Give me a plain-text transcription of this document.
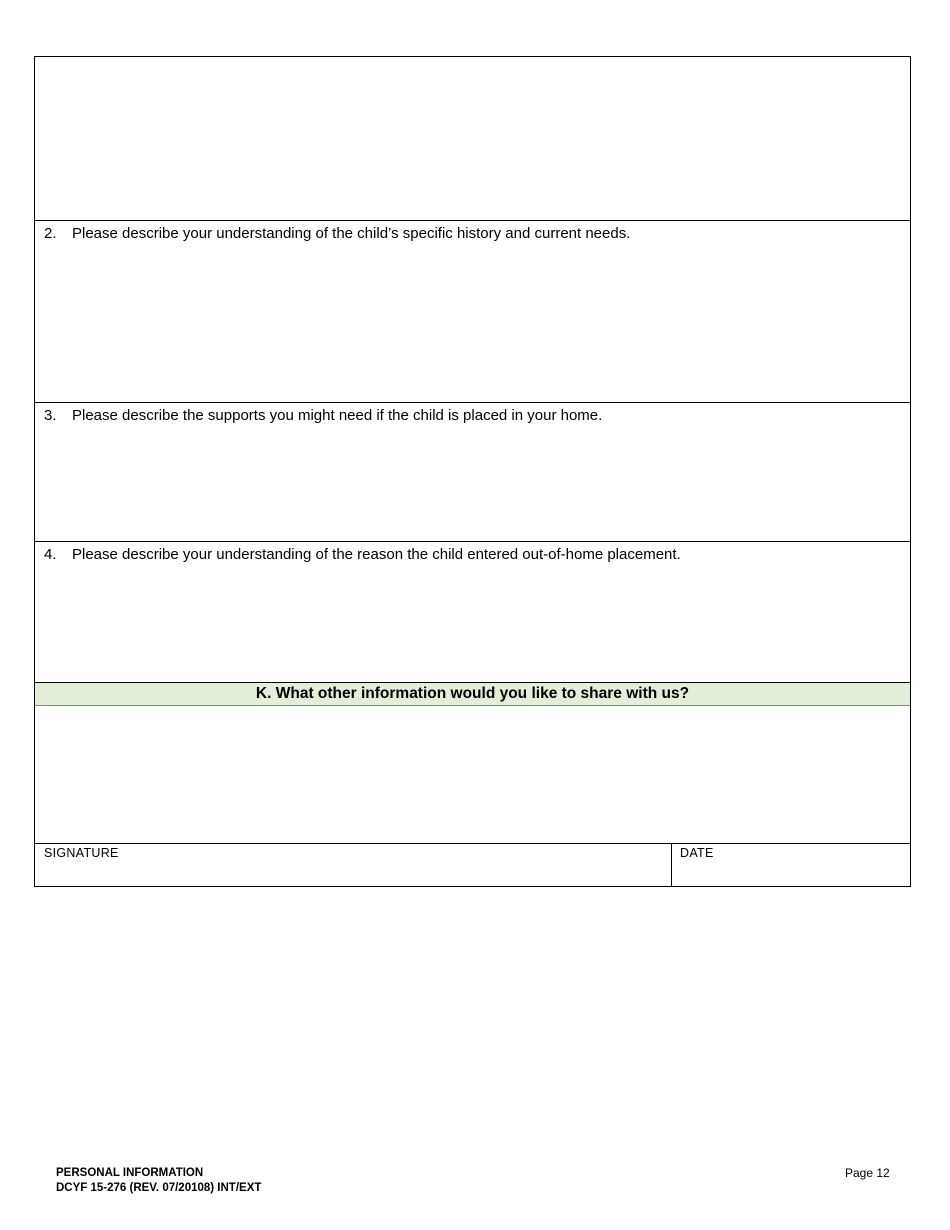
2. Please describe your understanding of the child’s specific history and current needs.
3. Please describe the supports you might need if the child is placed in your home.
4. Please describe your understanding of the reason the child entered out-of-home placement.
K. What other information would you like to share with us?
SIGNATURE	DATE
PERSONAL INFORMATION
DCYF 15-276 (REV. 07/20108) INT/EXT
Page 12
